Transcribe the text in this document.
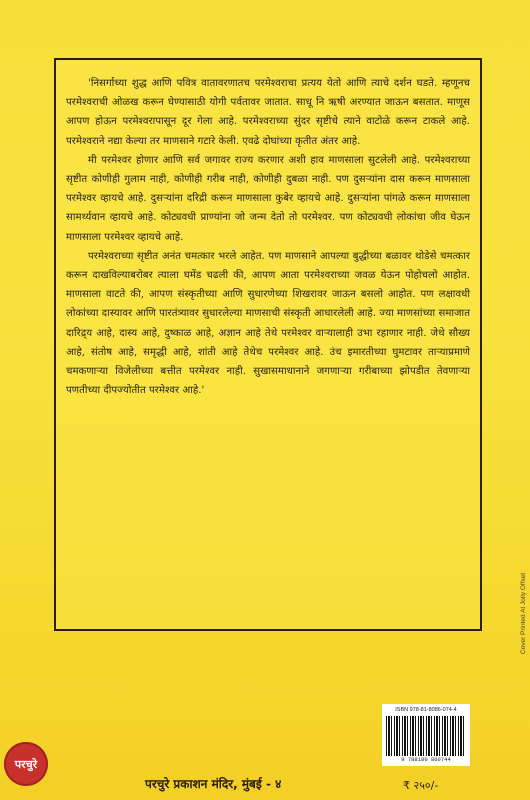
'निसर्गाच्या शुद्ध आणि पवित्र वातावरणातच परमेश्वराचा प्रत्यय येतो आणि त्याचे दर्शन घडते. म्हणूनच परमेश्वराची ओळख करून घेण्यासाठी योगी पर्वतावर जातात. साधू नि ऋषी अरण्यात जाऊन बसतात. माणूस आपण होऊन परमेश्वरापासून दूर गेला आहे. परमेश्वराच्या सुंदर सृष्टीचे त्याने वाटोळे करून टाकले आहे. परमेश्वराने नद्या केल्या तर माणसाने गटारे केली. एवढे दोघांच्या कृतीत अंतर आहे.

मी परमेश्वर होणार आणि सर्व जगावर राज्य करणार अशी हाव माणसाला सुटलेली आहे. परमेश्वराच्या सृष्टीत कोणीही गुलाम नाही, कोणीही गरीब नाही, कोणीही दुबळा नाही. पण दुसऱ्यांना दास करून माणसाला परमेश्वर व्हायचे आहे. दुसऱ्यांना दरिद्री करून माणसाला कुबेर व्हायचे आहे. दुसऱ्यांना पांगळे करून माणसाला सामर्थ्यवान व्हायचे आहे. कोट्यवधी प्राण्यांना जो जन्म देतो तो परमेश्वर. पण कोट्यवधी लोकांचा जीव घेऊन माणसाला परमेश्वर व्हायचे आहे.

परमेश्वराच्या सृष्टीत अनंत चमत्कार भरले आहेत. पण माणसाने आपल्या बुद्धीच्या बळावर थोडेसे चमत्कार करून दाखविल्याबरोबर त्याला घमेंड चढली की, आपण आता परमेश्वराच्या जवळ येऊन पोहोचलो आहोत. माणसाला वाटते की, आपण संस्कृतीच्या आणि सुधारणेच्या शिखरावर जाऊन बसलो आहोत. पण लक्षावधी लोकांच्या दास्यावर आणि पारतंत्र्यावर सुधारलेल्या माणसाची संस्कृती आधारलेली आहे. ज्या माणसांच्या समाजात दारिद्र्य आहे, दास्य आहे, दुष्काळ आहे, अज्ञान आहे तेथे परमेश्वर वाऱ्यालाही उभा रहाणार नाही. जेथे सौख्य आहे, संतोष आहे, समृद्धी आहे, शांती आहे तेथेच परमेश्वर आहे. उंच इमारतीच्या घुमटावर ताऱ्याप्रमाणे चमकणाऱ्या विजेलीच्या बत्तीत परमेश्वर नाही. सुखासमाधानाने जगणाऱ्या गरीबाच्या झोपडीत तेवणाऱ्या पणतीच्या दीपज्योतीत परमेश्वर आहे.'

Cover Printed At Jolly Offset
ISBN 978-81-8086-074-4
9 788180 860744
परचुरे
परचुरे प्रकाशन मंदिर, मुंबई - ४	₹ २५०/-
